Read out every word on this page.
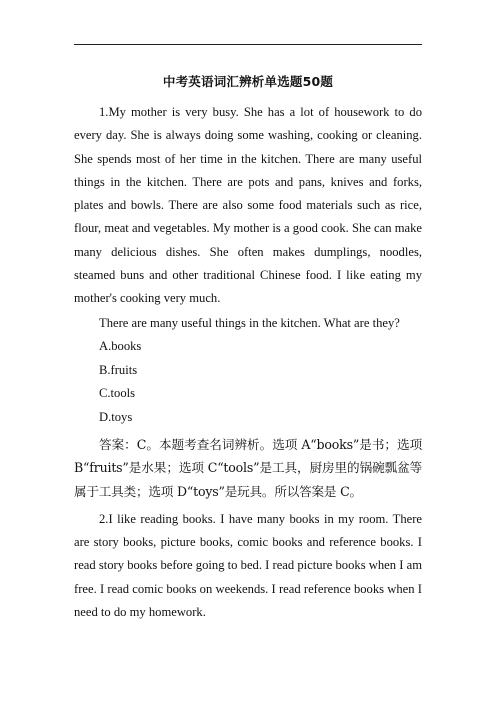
中考英语词汇辨析单选题50题

1.My mother is very busy. She has a lot of housework to do every day. She is always doing some washing, cooking or cleaning. She spends most of her time in the kitchen. There are many useful things in the kitchen. There are pots and pans, knives and forks, plates and bowls. There are also some food materials such as rice, flour, meat and vegetables. My mother is a good cook. She can make many delicious dishes. She often makes dumplings, noodles, steamed buns and other traditional Chinese food. I like eating my mother's cooking very much.

There are many useful things in the kitchen. What are they?

A.books

B.fruits

C.tools

D.toys

答案：C。本题考查名词辨析。选项 A“books”是书；选项 B“fruits”是水果；选项 C“tools”是工具，厨房里的锅碗瓢盆等属于工具类；选项 D“toys”是玩具。所以答案是 C。

2.I like reading books. I have many books in my room. There are story books, picture books, comic books and reference books. I read story books before going to bed. I read picture books when I am free. I read comic books on weekends. I read reference books when I need to do my homework.
